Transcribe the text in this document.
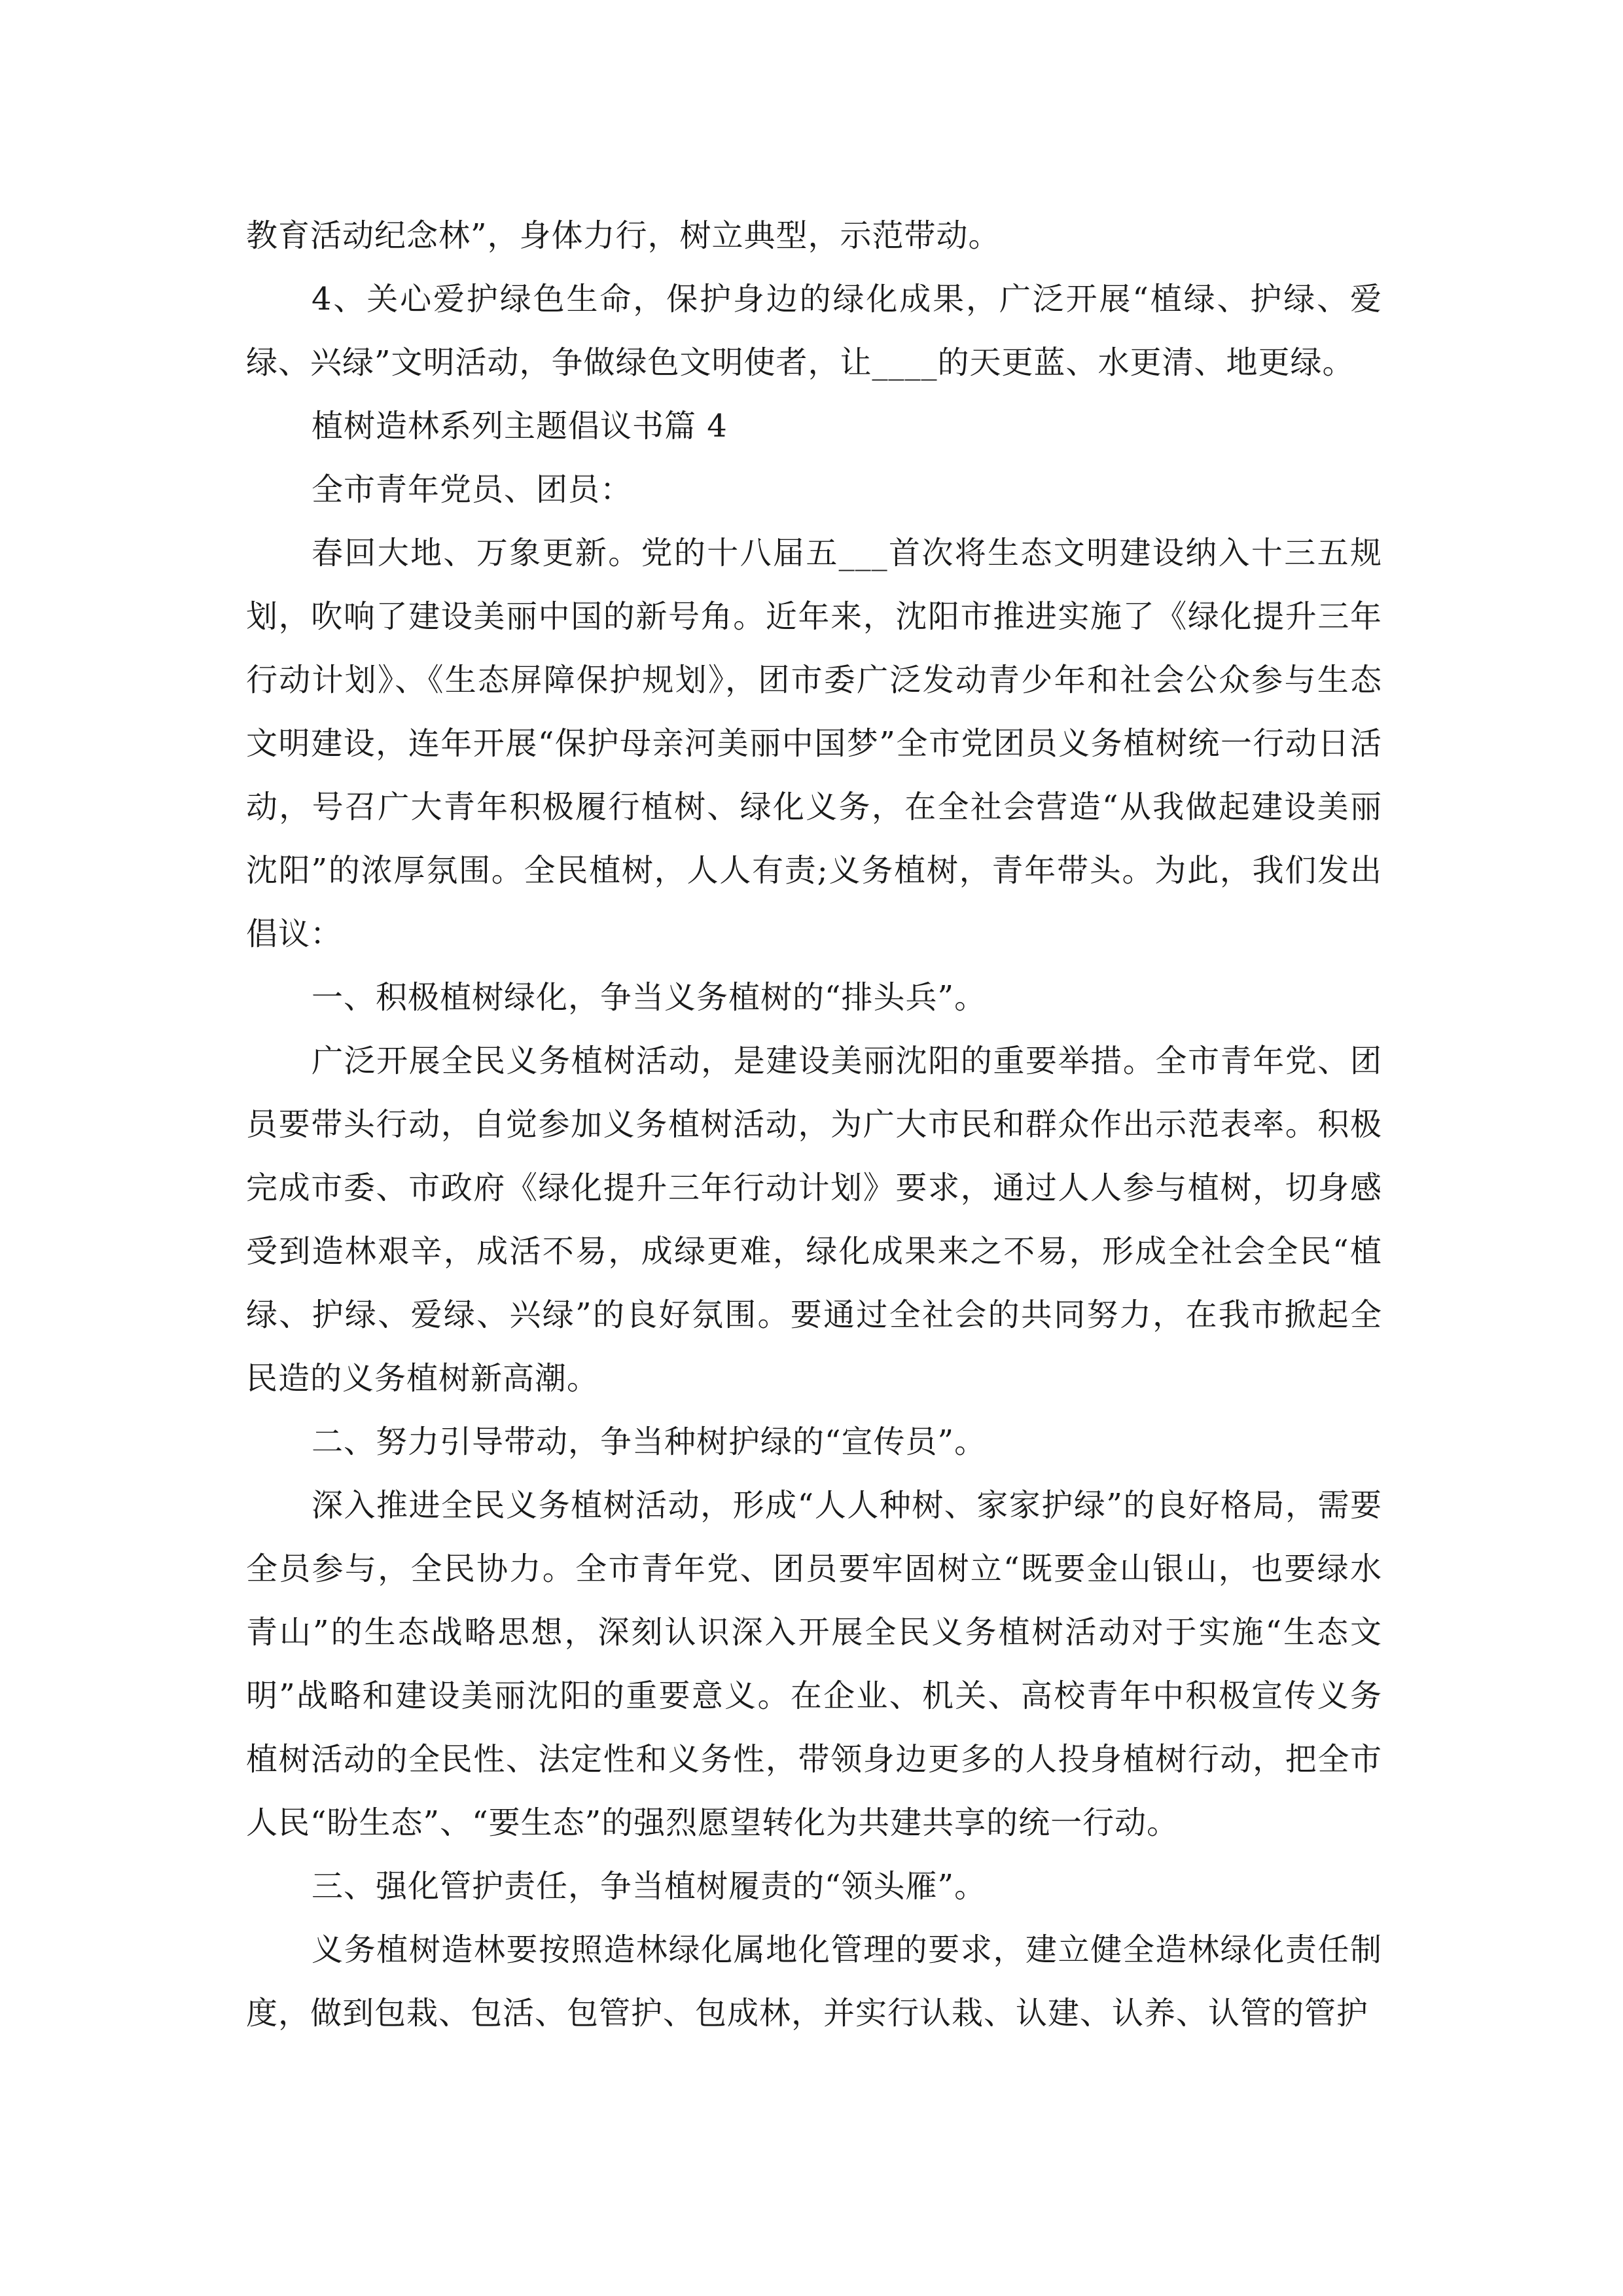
教育活动纪念林”，身体力行，树立典型，示范带动。

4、关心爱护绿色生命，保护身边的绿化成果，广泛开展“植绿、护绿、爱绿、兴绿”文明活动，争做绿色文明使者，让____的天更蓝、水更清、地更绿。

植树造林系列主题倡议书篇 4

全市青年党员、团员：

春回大地、万象更新。党的十八届五___首次将生态文明建设纳入十三五规划，吹响了建设美丽中国的新号角。近年来，沈阳市推进实施了《绿化提升三年行动计划》、《生态屏障保护规划》，团市委广泛发动青少年和社会公众参与生态文明建设，连年开展“保护母亲河美丽中国梦”全市党团员义务植树统一行动日活动，号召广大青年积极履行植树、绿化义务，在全社会营造“从我做起建设美丽沈阳”的浓厚氛围。全民植树，人人有责;义务植树，青年带头。为此，我们发出倡议：

一、积极植树绿化，争当义务植树的“排头兵”。

广泛开展全民义务植树活动，是建设美丽沈阳的重要举措。全市青年党、团员要带头行动，自觉参加义务植树活动，为广大市民和群众作出示范表率。积极完成市委、市政府《绿化提升三年行动计划》要求，通过人人参与植树，切身感受到造林艰辛，成活不易，成绿更难，绿化成果来之不易，形成全社会全民“植绿、护绿、爱绿、兴绿”的良好氛围。要通过全社会的共同努力，在我市掀起全民造的义务植树新高潮。

二、努力引导带动，争当种树护绿的“宣传员”。

深入推进全民义务植树活动，形成“人人种树、家家护绿”的良好格局，需要全员参与，全民协力。全市青年党、团员要牢固树立“既要金山银山，也要绿水青山”的生态战略思想，深刻认识深入开展全民义务植树活动对于实施“生态文明”战略和建设美丽沈阳的重要意义。在企业、机关、高校青年中积极宣传义务植树活动的全民性、法定性和义务性，带领身边更多的人投身植树行动，把全市人民“盼生态”、“要生态”的强烈愿望转化为共建共享的统一行动。

三、强化管护责任，争当植树履责的“领头雁”。

义务植树造林要按照造林绿化属地化管理的要求，建立健全造林绿化责任制度，做到包栽、包活、包管护、包成林，并实行认栽、认建、认养、认管的管护
